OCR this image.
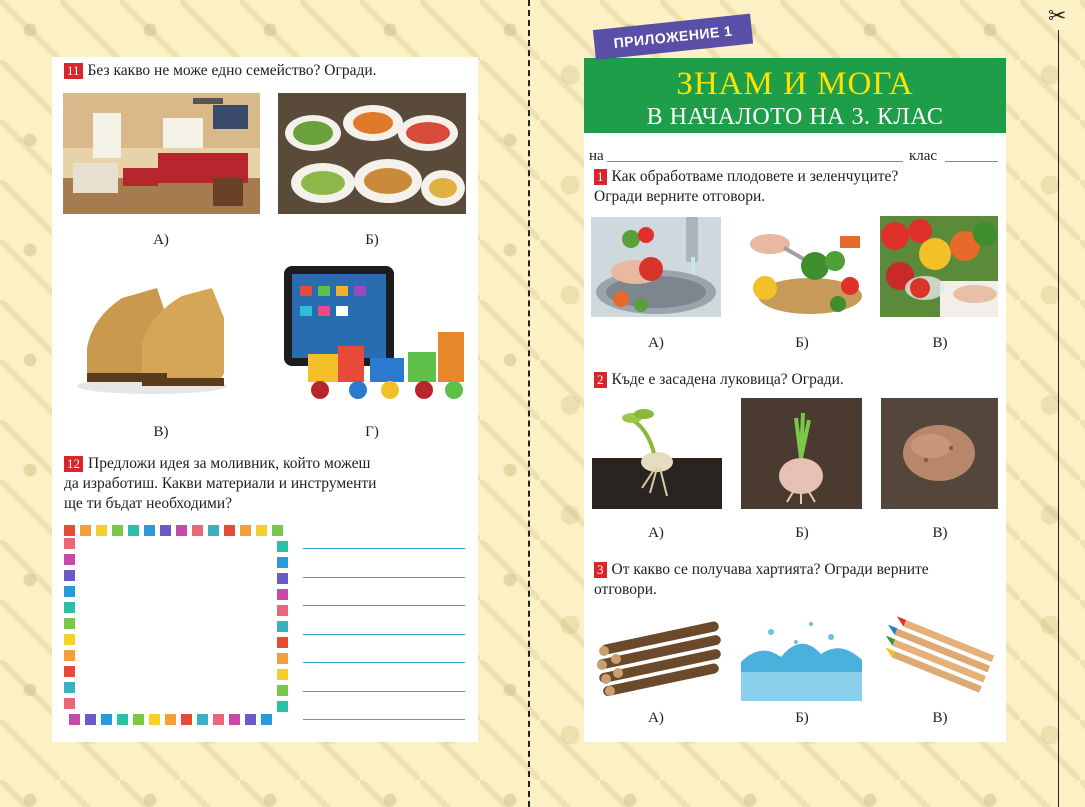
✂
11 Без какво не може едно семейство? Огради.
А)	Б)
В)	Г)
12 Предложи идея за моливник, който можеш
да изработиш. Какви материали и инструменти
ще ти бъдат необходими?
ПРИЛОЖЕНИЕ 1
ЗНАМ И МОГА
В НАЧАЛОТО НА 3. КЛАС
на	клас
1 Как обработваме плодовете и зеленчуците?
Огради верните отговори.
А)	Б)	В)
2 Къде е засадена луковица? Огради.
А)	Б)	В)
3 От какво се получава хартията? Огради верните
отговори.
А)	Б)	В)
